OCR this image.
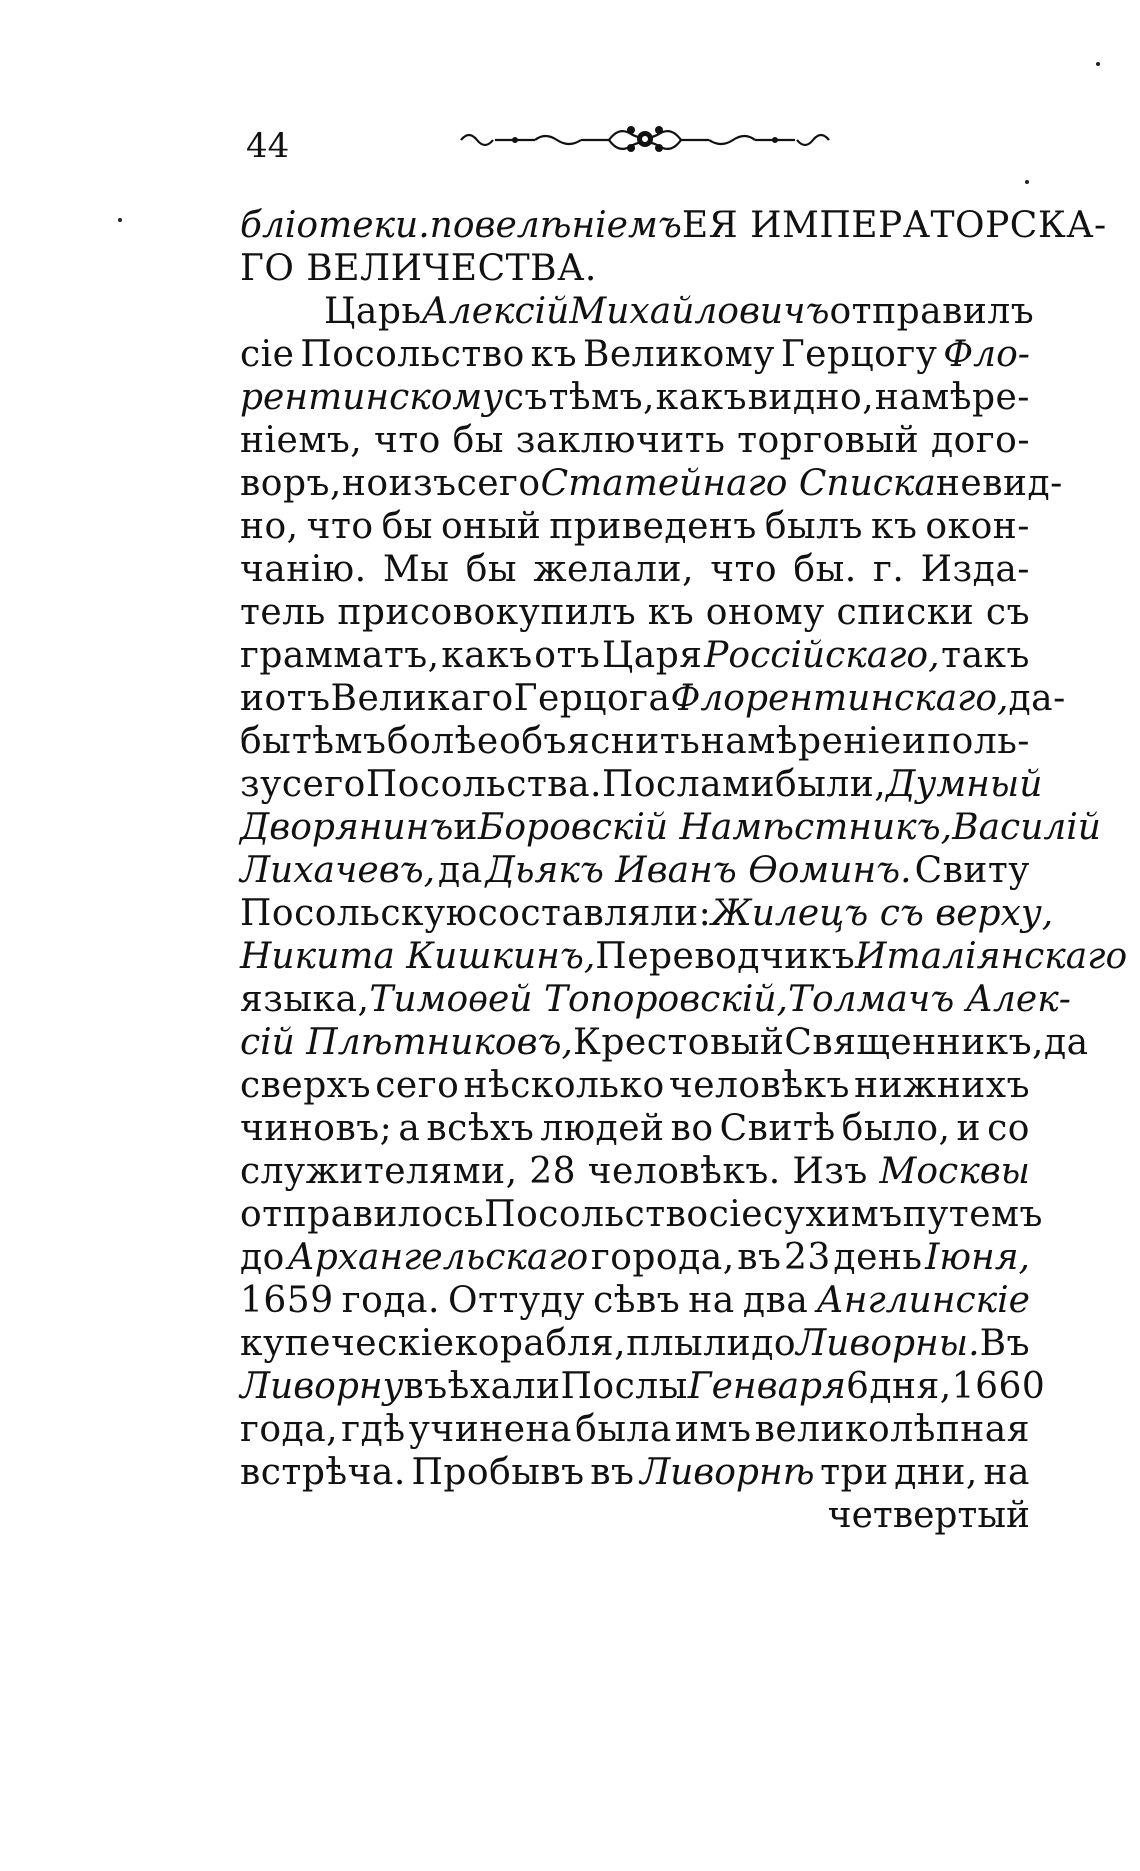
44
блiотеки.повелѣнiемъ ЕЯ ИМПЕРАТОРСКА-
ГО ВЕЛИЧЕСТВА.
Царь Алексiй Михайловичъ отправилъ
сiе Посольство къ Великому Герцогу Фло-
рентинскому съ тѣмъ, какъ видно, намѣре-
нiемъ, что бы заключить торговый дого-
воръ, но изъ сего Статейнаго Списка не вид-
но, что бы оный приведенъ былъ къ окон-
чанiю. Мы бы желали, что бы. г. Изда-
тель присовокупилъ къ оному списки съ
грамматъ, какъ отъ Царя Россiйскаго, такъ
и отъ Великаго Герцога Флорентинскаго, да-
бы тѣмъ болѣе объяснить намѣренiе и поль-
зу сего Посольства. Послами были, Думный
Дворянинъ и Боровскiй Намѣстникъ, Василiй
Лихачевъ, да Дьякъ Иванъ Ѳоминъ. Свиту
Посольскую составляли: Жилецъ съ верху,
Никита Кишкинъ, Переводчикъ Италiянскаго
языка, Тимоѳей Топоровскiй, Толмачъ Алек-
сiй Плѣтниковъ, Крестовый Священникъ, да
сверхъ сего нѣсколько человѣкъ нижнихъ
чиновъ; а всѣхъ людей во Свитѣ было, и со
служителями, 28 человѣкъ. Изъ Москвы
отправилось Посольство сiе сухимъ путемъ
до Архангельскаго города, въ 23 день Iюня,
1659 года. Оттуду сѣвъ на два Англинскiе
купеческiе корабля, плыли до Ливорны. Въ
Ливорну въѣхали Послы Генваря 6 дня, 1660
года, гдѣ учинена была имъ великолѣпная
встрѣча. Пробывъ въ Ливорнѣ три дни, на
четвертый
